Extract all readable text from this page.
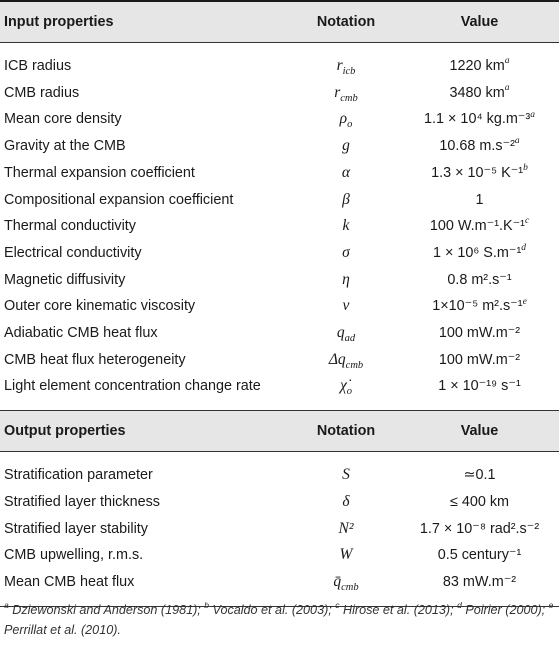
Input properties	Notation	Value

ICB radius	$r_{icb}$	1220 km$^a$
CMB radius	$r_{cmb}$	3480 km$^a$
Mean core density	$\rho_o$	1.1 × 10⁴ kg.m⁻³$^a$
Gravity at the CMB	g	10.68 m.s⁻²$^a$
Thermal expansion coefficient	α	1.3 × 10⁻⁵ K⁻¹$^b$
Compositional expansion coefficient	β	1
Thermal conductivity	k	100 W.m⁻¹.K⁻¹$^c$
Electrical conductivity	σ	1 × 10⁶ S.m⁻¹$^d$
Magnetic diffusivity	η	0.8 m².s⁻¹
Outer core kinematic viscosity	ν	1×10⁻⁵ m².s⁻¹$^e$
Adiabatic CMB heat flux	$q_{ad}$	100 mW.m⁻²
CMB heat flux heterogeneity	$\Delta q_{cmb}$	100 mW.m⁻²
Light element concentration change rate	$\chi̇_o$	1 × 10⁻¹⁹ s⁻¹

Output properties	Notation	Value

Stratification parameter	S	≃0.1
Stratified layer thickness	δ	≤ 400 km
Stratified layer stability	N²	1.7 × 10⁻⁸ rad².s⁻²
CMB upwelling, r.m.s.	W	0.5 century⁻¹
Mean CMB heat flux	$q̄_{cmb}$	83 mW.m⁻²

$^a$ Dziewonski and Anderson (1981); $^b$ Vocaldo et al. (2003); $^c$ Hirose et al. (2013); $^d$ Poirier (2000); $^e$ Perrillat et al. (2010).
